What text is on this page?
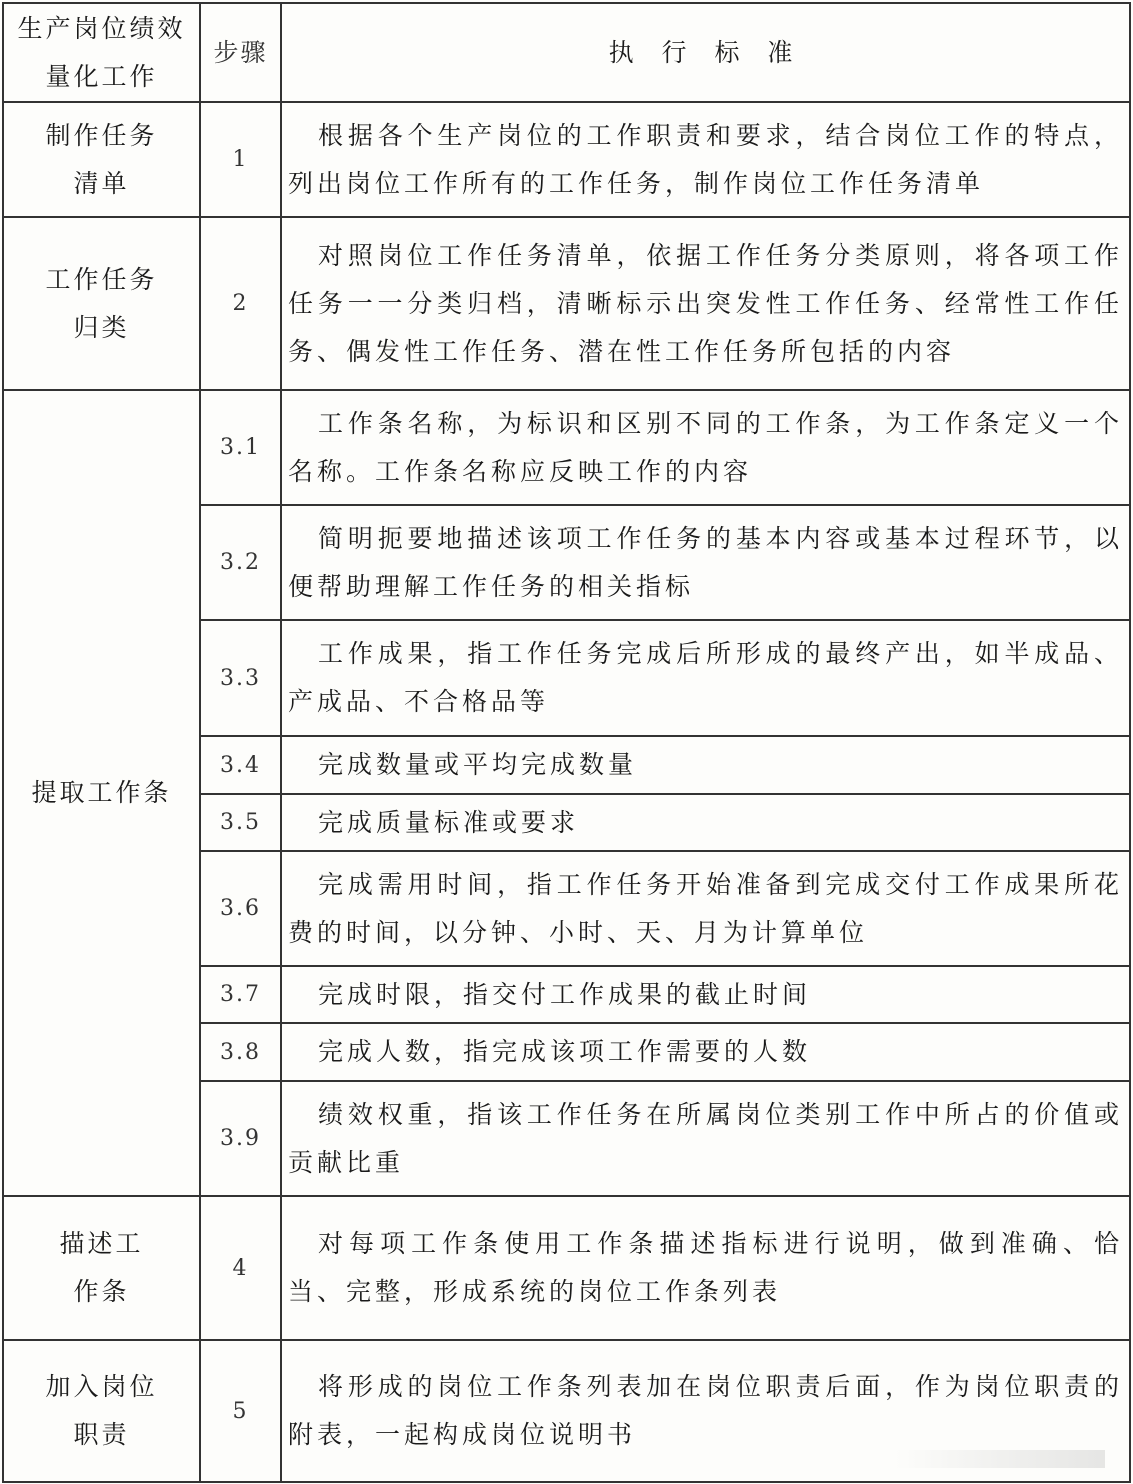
生产岗位绩效量化工作	步骤	执 行 标 准
制作任务清单	1	根据各个生产岗位的工作职责和要求，结合岗位工作的特点，列出岗位工作所有的工作任务，制作岗位工作任务清单
工作任务归类	2	对照岗位工作任务清单，依据工作任务分类原则，将各项工作任务一一分类归档，清晰标示出突发性工作任务、经常性工作任务、偶发性工作任务、潜在性工作任务所包括的内容
提取工作条	3.1	工作条名称，为标识和区别不同的工作条，为工作条定义一个名称。工作条名称应反映工作的内容
	3.2	简明扼要地描述该项工作任务的基本内容或基本过程环节，以便帮助理解工作任务的相关指标
	3.3	工作成果，指工作任务完成后所形成的最终产出，如半成品、产成品、不合格品等
	3.4	完成数量或平均完成数量
	3.5	完成质量标准或要求
	3.6	完成需用时间，指工作任务开始准备到完成交付工作成果所花费的时间，以分钟、小时、天、月为计算单位
	3.7	完成时限，指交付工作成果的截止时间
	3.8	完成人数，指完成该项工作需要的人数
	3.9	绩效权重，指该工作任务在所属岗位类别工作中所占的价值或贡献比重
描述工作条	4	对每项工作条使用工作条描述指标进行说明，做到准确、恰当、完整，形成系统的岗位工作条列表
加入岗位职责	5	将形成的岗位工作条列表加在岗位职责后面，作为岗位职责的附表，一起构成岗位说明书
